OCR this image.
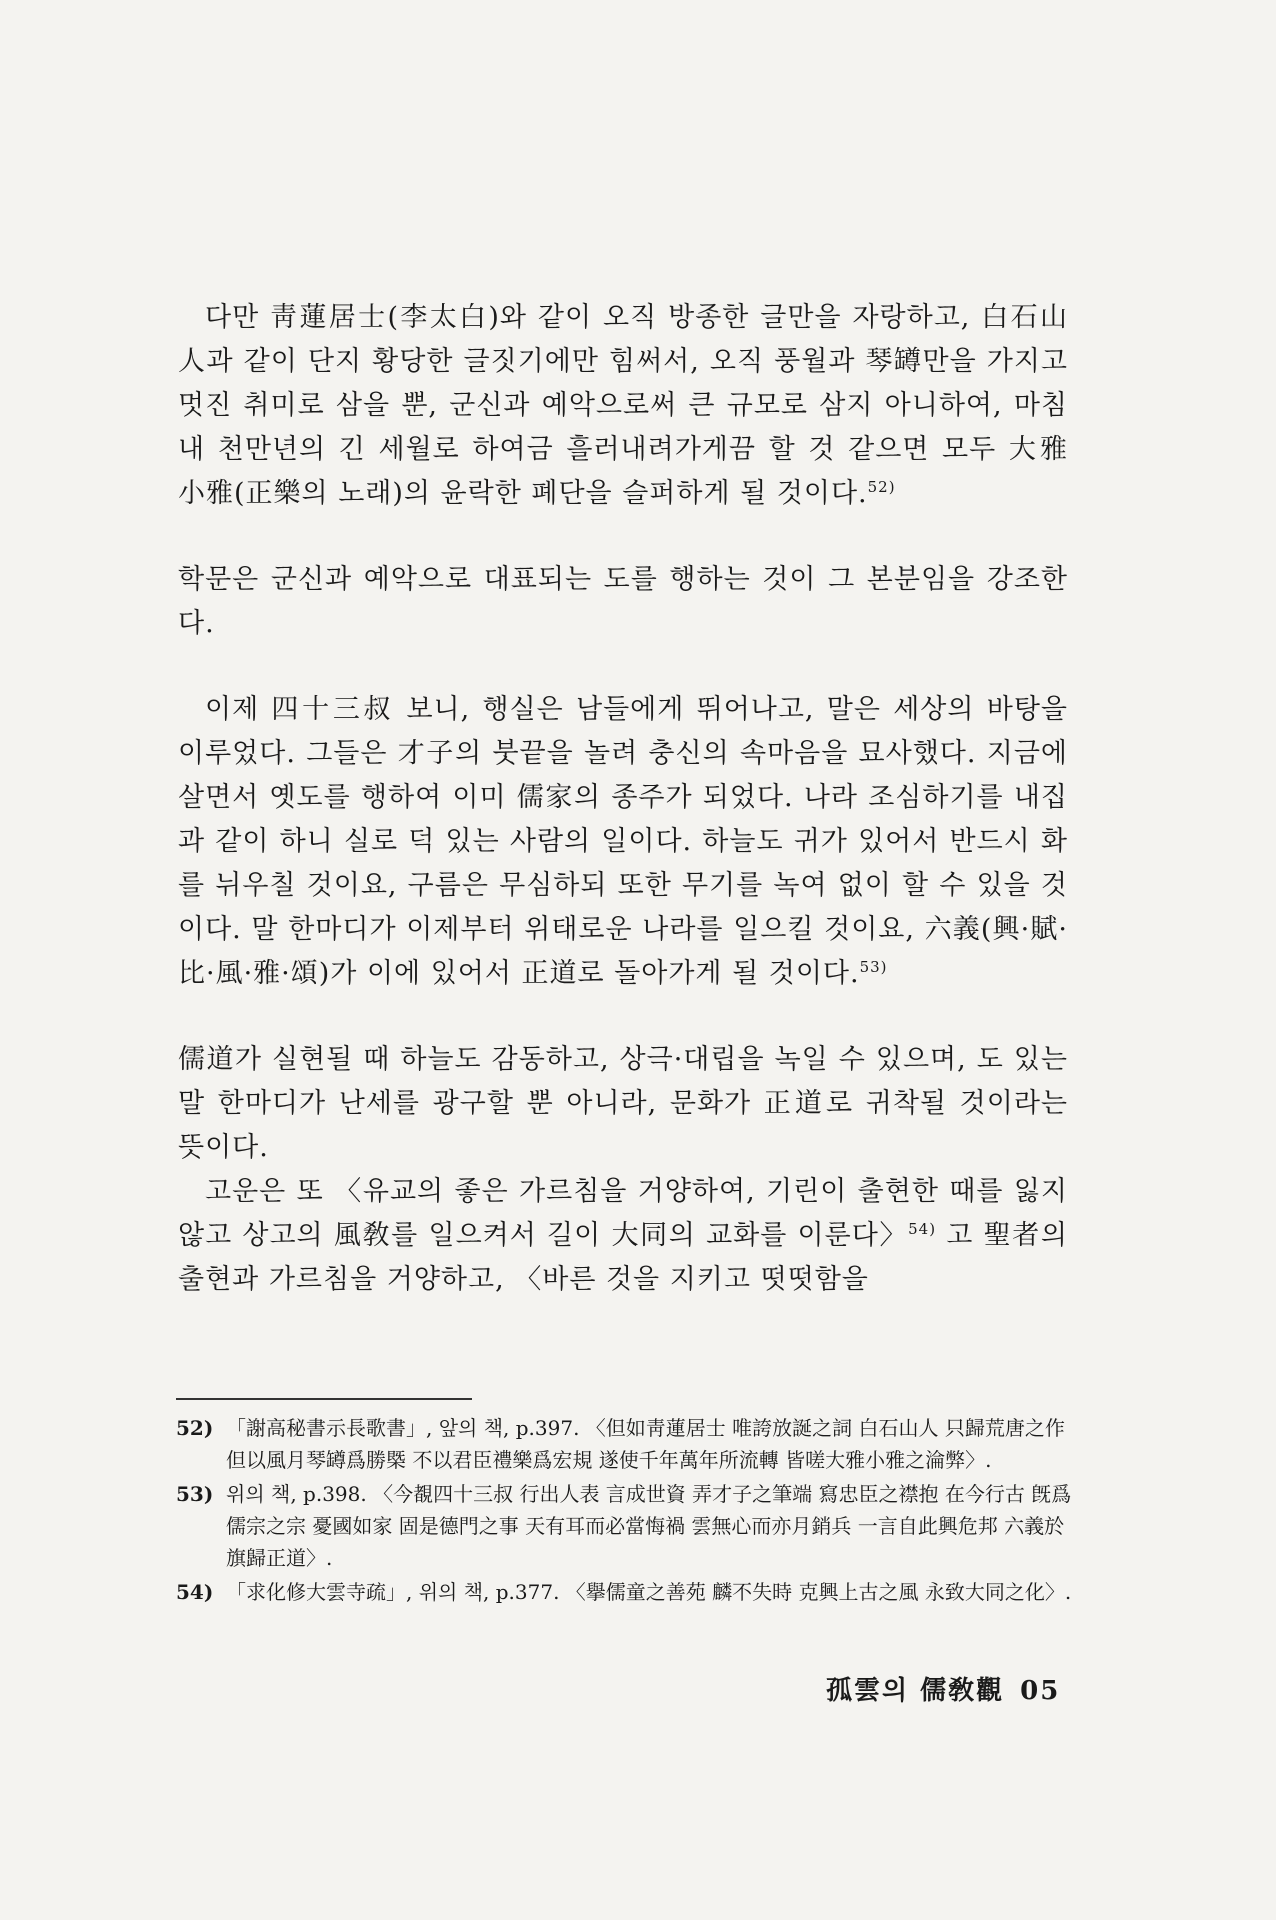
다만 靑蓮居士(李太白)와 같이 오직 방종한 글만을 자랑하고, 白石山人과 같이 단지 황당한 글짓기에만 힘써서, 오직 풍월과 琴罇만을 가지고 멋진 취미로 삼을 뿐, 군신과 예악으로써 큰 규모로 삼지 아니하여, 마침내 천만년의 긴 세월로 하여금 흘러내려가게끔 할 것 같으면 모두 大雅 小雅(正樂의 노래)의 윤락한 폐단을 슬퍼하게 될 것이다.$^{52)}$

학문은 군신과 예악으로 대표되는 도를 행하는 것이 그 본분임을 강조한다.

이제 四十三叔 보니, 행실은 남들에게 뛰어나고, 말은 세상의 바탕을 이루었다. 그들은 才子의 붓끝을 놀려 충신의 속마음을 묘사했다. 지금에 살면서 옛도를 행하여 이미 儒家의 종주가 되었다. 나라 조심하기를 내집과 같이 하니 실로 덕 있는 사람의 일이다. 하늘도 귀가 있어서 반드시 화를 뉘우칠 것이요, 구름은 무심하되 또한 무기를 녹여 없이 할 수 있을 것이다. 말 한마디가 이제부터 위태로운 나라를 일으킬 것이요, 六義(興·賦·比·風·雅·頌)가 이에 있어서 正道로 돌아가게 될 것이다.$^{53)}$

儒道가 실현될 때 하늘도 감동하고, 상극·대립을 녹일 수 있으며, 도 있는 말 한마디가 난세를 광구할 뿐 아니라, 문화가 正道로 귀착될 것이라는 뜻이다.

고운은 또 〈유교의 좋은 가르침을 거양하여, 기린이 출현한 때를 잃지 않고 상고의 風敎를 일으켜서 길이 大同의 교화를 이룬다〉$^{54)}$ 고 聖者의 출현과 가르침을 거양하고, 〈바른 것을 지키고 떳떳함을

52) 「謝高秘書示長歌書」, 앞의 책, p.397. 〈但如靑蓮居士 唯誇放誕之詞 白石山人 只歸荒唐之作 但以風月琴罇爲勝槩 不以君臣禮樂爲宏規 遂使千年萬年所流轉 皆嗟大雅小雅之淪弊〉.
53) 위의 책, p.398. 〈今覩四十三叔 行出人表 言成世資 弄才子之筆端 寫忠臣之襟抱 在今行古 旣爲儒宗之宗 憂國如家 固是德門之事 天有耳而必當悔禍 雲無心而亦月銷兵 一言自此興危邦 六義於旗歸正道〉.
54) 「求化修大雲寺疏」, 위의 책, p.377. 〈擧儒童之善苑 麟不失時 克興上古之風 永致大同之化〉.
孤雲의 儒敎觀 05
